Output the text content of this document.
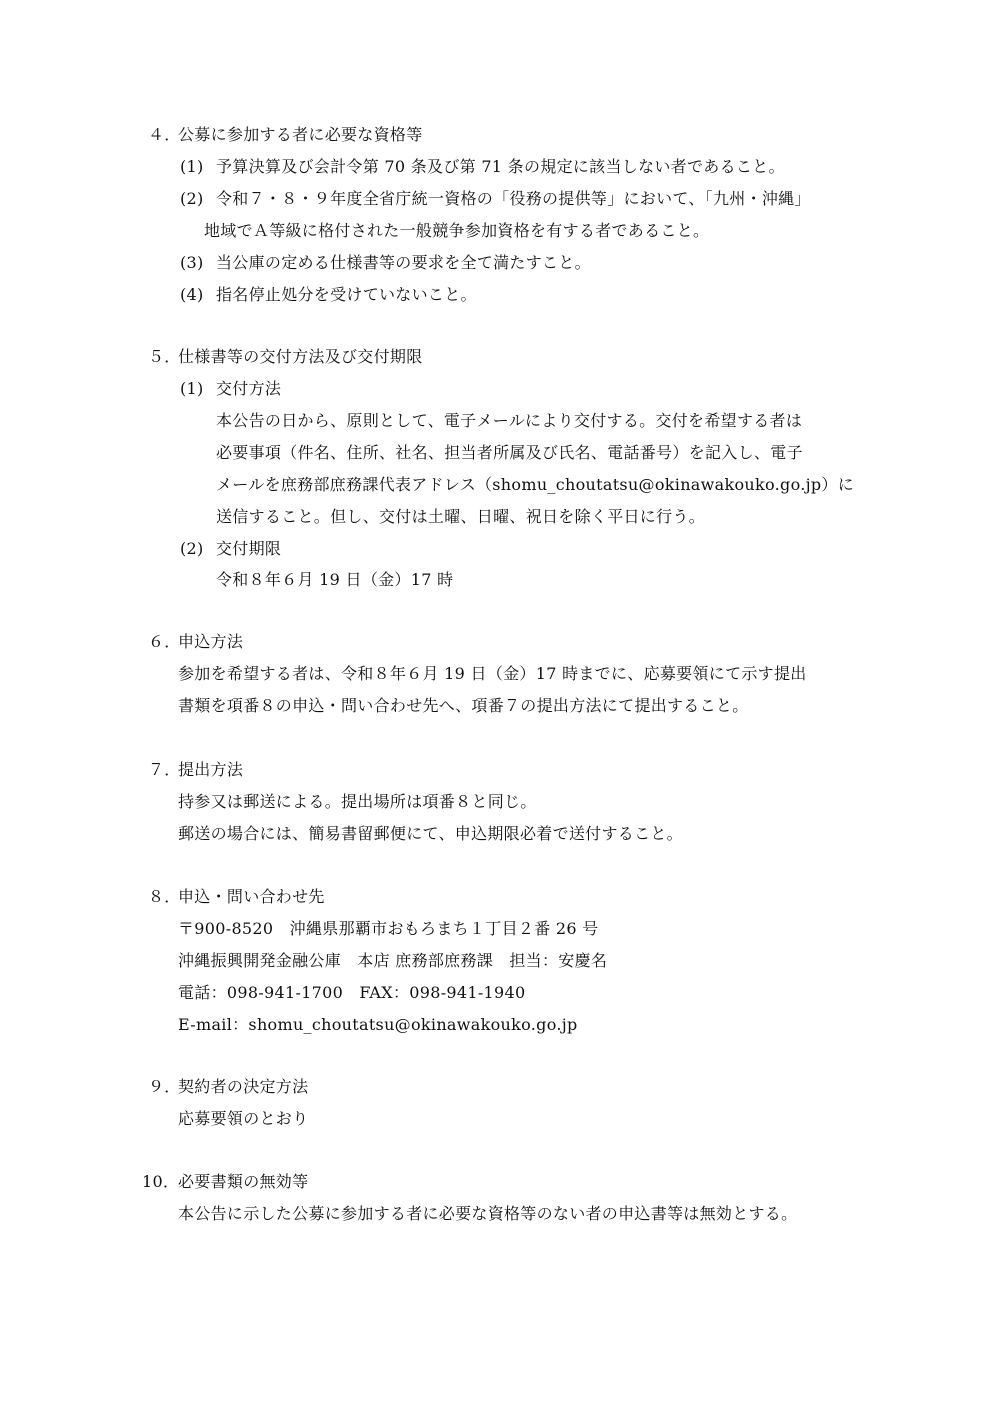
４．
公募に参加する者に必要な資格等
(1) 予算決算及び会計令第 70 条及び第 71 条の規定に該当しない者であること。
(2) 令和７・８・９年度全省庁統一資格の「役務の提供等」において、「九州・沖縄」
地域でＡ等級に格付された一般競争参加資格を有する者であること。
(3) 当公庫の定める仕様書等の要求を全て満たすこと。
(4) 指名停止処分を受けていないこと。
５．
仕様書等の交付方法及び交付期限
(1) 交付方法
本公告の日から、原則として、電子メールにより交付する。交付を希望する者は
必要事項（件名、住所、社名、担当者所属及び氏名、電話番号）を記入し、電子
メールを庶務部庶務課代表アドレス（shomu_choutatsu@okinawakouko.go.jp）に
送信すること。但し、交付は土曜、日曜、祝日を除く平日に行う。
(2) 交付期限
令和８年６月 19 日（金）17 時
６．
申込方法
参加を希望する者は、令和８年６月 19 日（金）17 時までに、応募要領にて示す提出
書類を項番８の申込・問い合わせ先へ、項番７の提出方法にて提出すること。
７．
提出方法
持参又は郵送による。提出場所は項番８と同じ。
郵送の場合には、簡易書留郵便にて、申込期限必着で送付すること。
８．
申込・問い合わせ先
〒900-8520　沖縄県那覇市おもろまち１丁目２番 26 号
沖縄振興開発金融公庫　本店 庶務部庶務課　担当：安慶名
電話：098-941-1700　FAX：098-941-1940
E-mail：shomu_choutatsu@okinawakouko.go.jp
９．
契約者の決定方法
応募要領のとおり
10．
必要書類の無効等
本公告に示した公募に参加する者に必要な資格等のない者の申込書等は無効とする。
